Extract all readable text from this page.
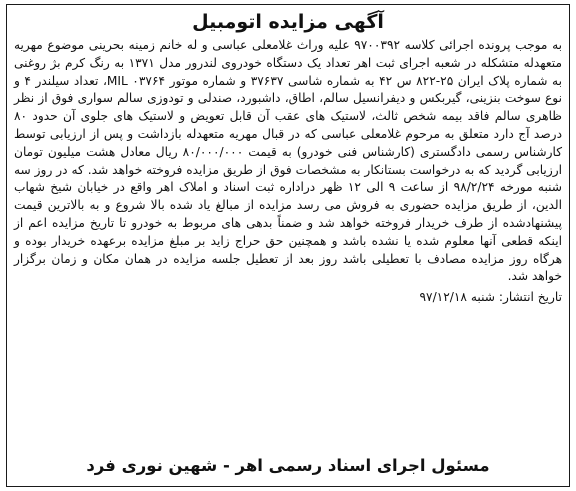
آگهی مزایده اتومبیل

به موجب پرونده اجرائی کلاسه ۹۷۰۰۳۹۲ علیه وراث غلامعلی عباسی و له خانم زمینه بحرینی موضوع مهریه متعهدله متشکله در شعبه اجرای ثبت اهر تعداد یک دستگاه خودروی لندرور مدل ۱۳۷۱ به رنگ کرم بژ روغنی به شماره پلاک ایران ۲۵-۸۲۲ س ۴۲ به شماره شاسی ۳۷۶۳۷ و شماره موتور MIL ۰۳۷۶۴، تعداد سیلندر ۴ و نوع سوخت بنزینی، گیربکس و دیفرانسیل سالم، اطاق، داشبورد، صندلی و تودوزی سالم سواری فوق از نظر ظاهری سالم فاقد بیمه شخص ثالث، لاستیک های عقب آن قابل تعویض و لاستیک های جلوی آن حدود ۸۰ درصد آج دارد متعلق به مرحوم غلامعلی عباسی که در قبال مهریه متعهدله بازداشت و پس از ارزیابی توسط کارشناس رسمی دادگستری (کارشناس فنی خودرو) به قیمت ۸۰/۰۰۰/۰۰۰ ریال معادل هشت میلیون تومان ارزیابی گردید که به درخواست بستانکار به مشخصات فوق از طریق مزایده فروخته خواهد شد. که در روز سه شنبه مورخه ۹۸/۲/۲۴ از ساعت ۹ الی ۱۲ ظهر دراداره ثبت اسناد و املاک اهر واقع در خیابان شیخ شهاب الدین، از طریق مزایده حضوری به فروش می رسد مزایده از مبالغ یاد شده بالا شروع و به بالاترین قیمت پیشنهادشده از طرف خریدار فروخته خواهد شد و ضمناً بدهی های مربوط به خودرو تا تاریخ مزایده اعم از اینکه قطعی آنها معلوم شده یا نشده باشد و همچنین حق حراج زاید بر مبلغ مزایده برعهده خریدار بوده و هرگاه روز مزایده مصادف با تعطیلی باشد روز بعد از تعطیل جلسه مزایده در همان مکان و زمان برگزار خواهد شد.

تاریخ انتشار: شنبه ۹۷/۱۲/۱۸
مسئول اجرای اسناد رسمی اهر - شهین نوری فرد
